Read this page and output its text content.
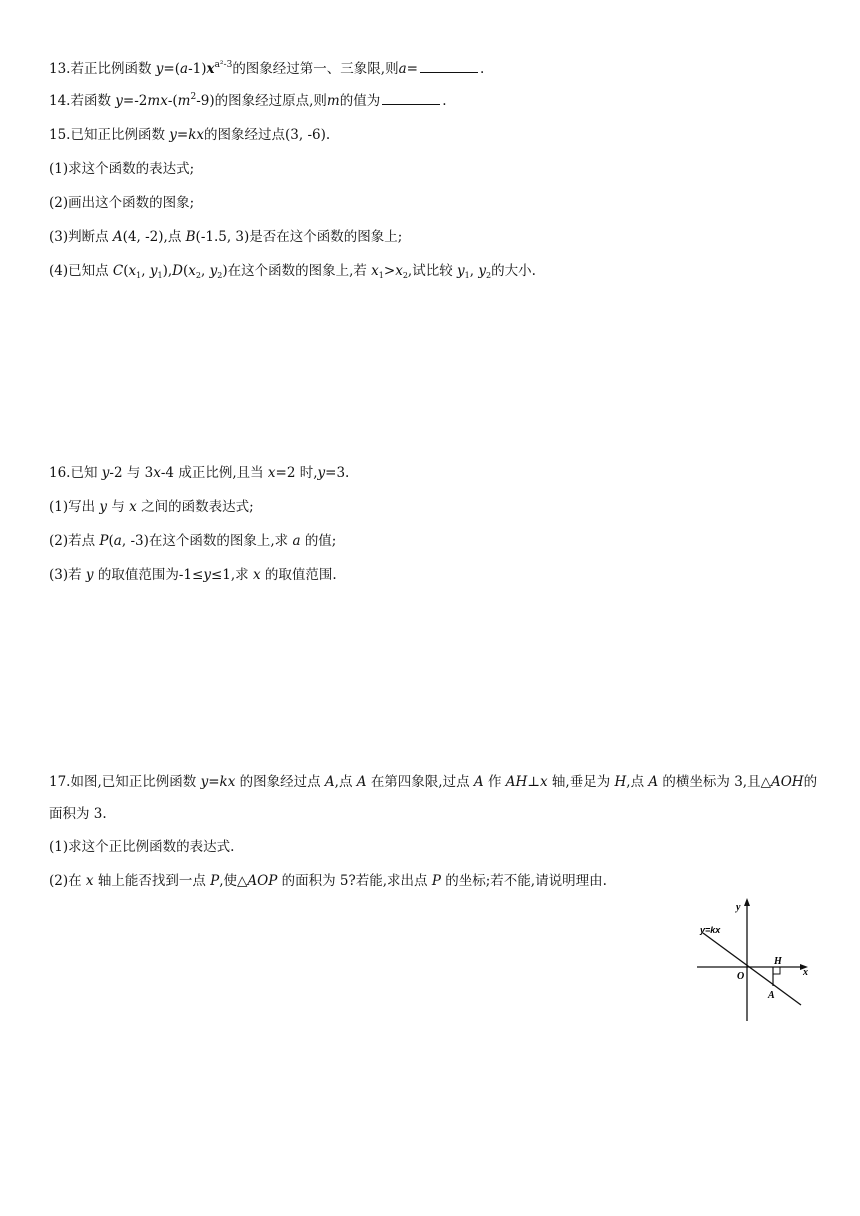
13.若正比例函数 $y=(a-1)x^{a^2-3}$的图象经过第一、三象限,则a=	.
14.若函数 $y=-2mx-(m^2-9)$的图象经过原点,则m的值为	.
15.已知正比例函数 y=kx的图象经过点(3, -6).
(1)求这个函数的表达式;
(2)画出这个函数的图象;
(3)判断点 A(4, -2),点 B(-1.5, 3)是否在这个函数的图象上;
(4)已知点 $C(x_1$, $y_1),D(x_2$, $y_2$)在这个函数的图象上,若 $x_1>x_2$,试比较 $y_1$, $y_2$的大小.
16.已知 y-2 与 3x-4 成正比例,且当 x=2 时,y=3.
(1)写出 y 与 x 之间的函数表达式;
(2)若点 P(a, -3)在这个函数的图象上,求 a 的值;
(3)若 y 的取值范围为-1≤y≤1,求 x 的取值范围.
17.如图,已知正比例函数 y=kx 的图象经过点 A,点 A 在第四象限,过点 A 作 AH⊥x 轴,垂足为 H,点 A 的横坐标为 3,且△AOH的面积为 3.
(1)求这个正比例函数的表达式.
(2)在 x 轴上能否找到一点 P,使△AOP 的面积为 5?若能,求出点 P 的坐标;若不能,请说明理由.
y
x
y=kx
O
H
A
